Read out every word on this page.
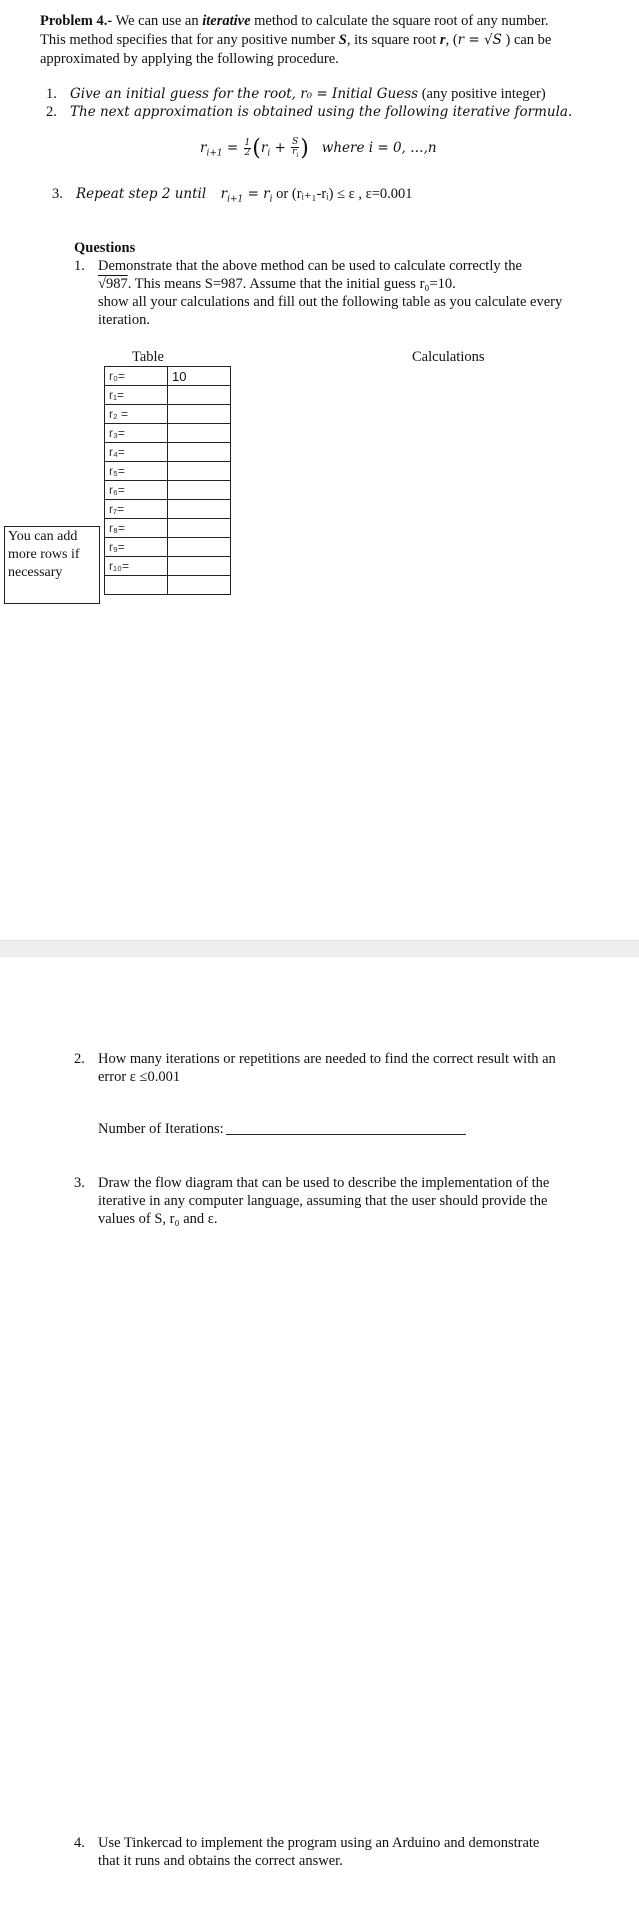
Problem 4.- We can use an iterative method to calculate the square root of any number.
This method specifies that for any positive number S, its square root r, (r = √S ) can be
approximated by applying the following procedure.
1. Give an initial guess for the root, r₀ = Initial Guess (any positive integer)
2. The next approximation is obtained using the following iterative formula.
$r_{i+1} = \frac{1}{2} (r_i + \frac{S}{r_i}$ ) where i = 0, …,n
3. Repeat step 2 until $r_{i+1} = r_i$ or (rᵢ₊₁-rᵢ) ≤ ε , ε=0.001
Questions
1. Demonstrate that the above method can be used to calculate correctly the
√987. This means S=987. Assume that the initial guess r₀=10.
show all your calculations and fill out the following table as you calculate every
iteration.
Table	Calculations
r₀=	10
r₁=	
r₂ =	
r₃=	
r₄=	
r₅=	
r₆=	
r₇=	
r₈=	
r₉=	
r₁₀=	

You can add
more rows if
necessary
2. How many iterations or repetitions are needed to find the correct result with an
error ε ≤0.001
Number of Iterations:
3. Draw the flow diagram that can be used to describe the implementation of the
iterative in any computer language, assuming that the user should provide the
values of S, r₀ and ε.
4. Use Tinkercad to implement the program using an Arduino and demonstrate
that it runs and obtains the correct answer.
